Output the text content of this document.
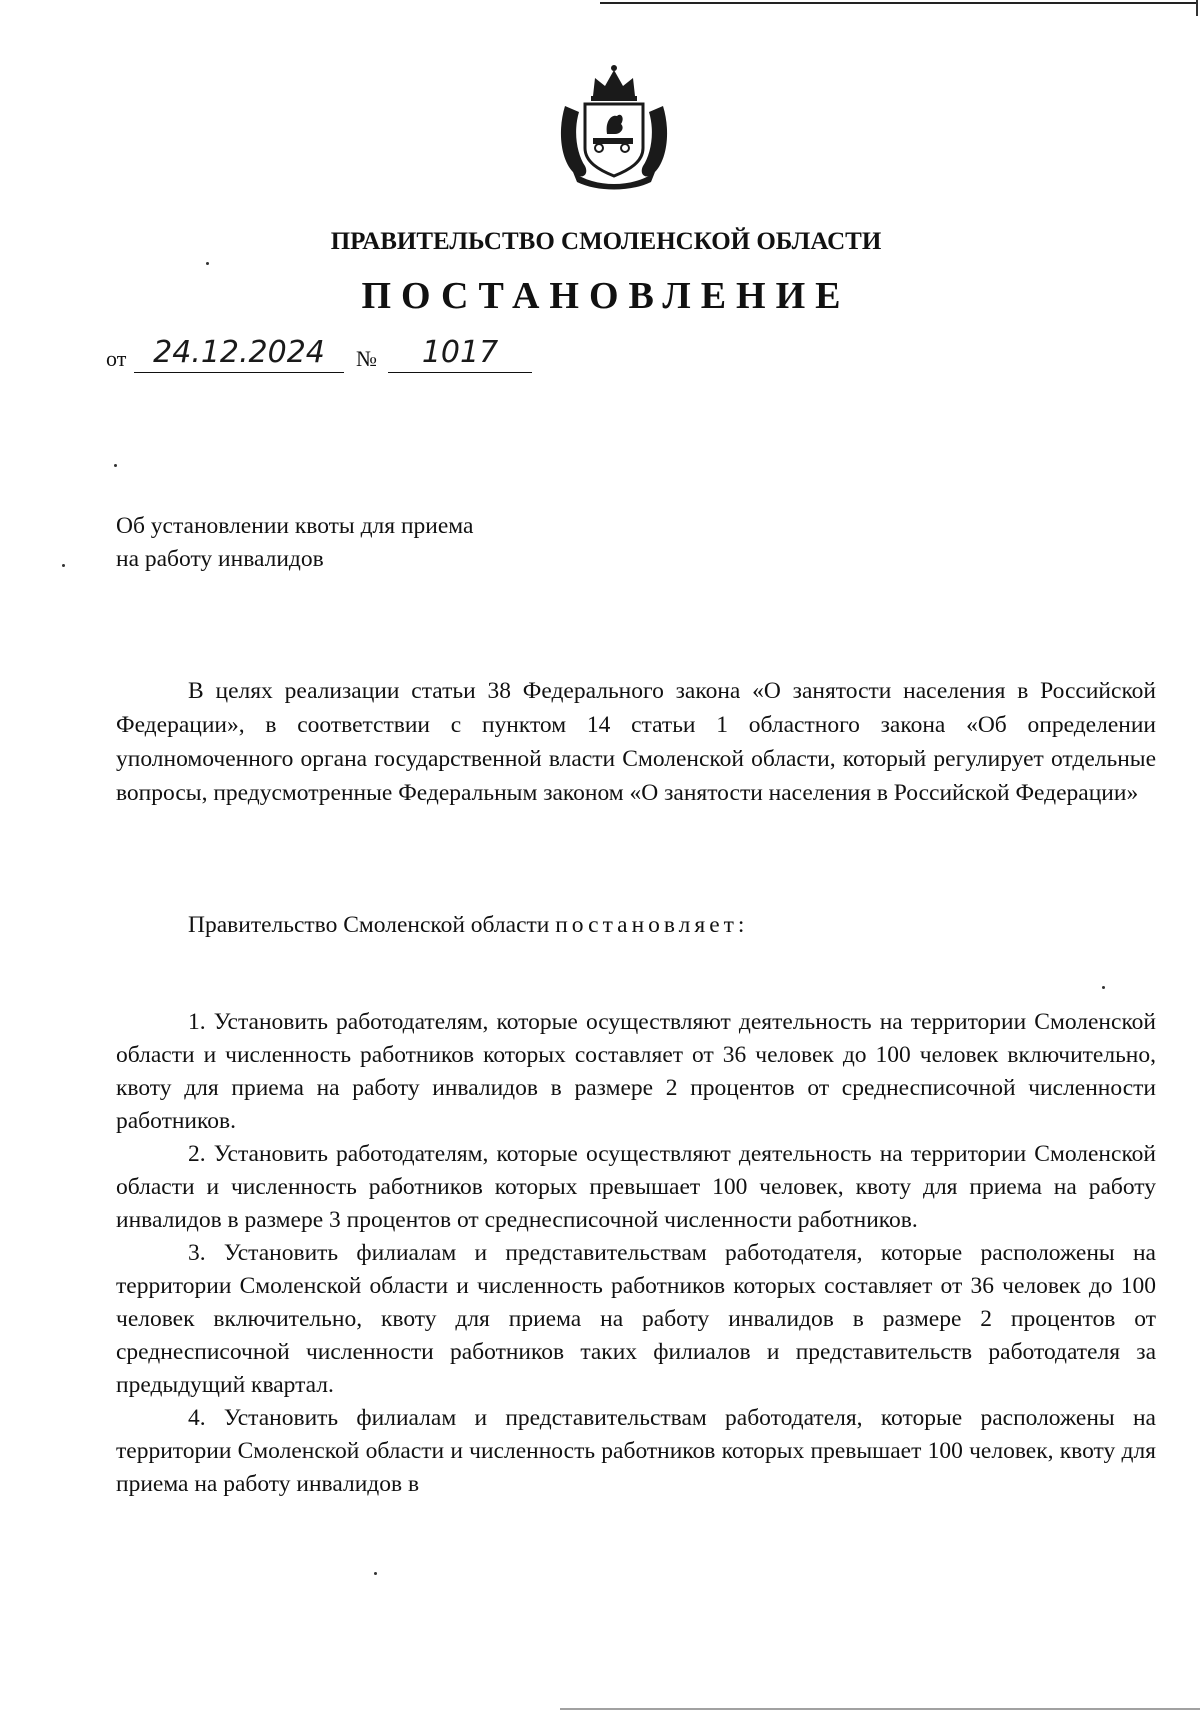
ПРАВИТЕЛЬСТВО СМОЛЕНСКОЙ ОБЛАСТИ
ПОСТАНОВЛЕНИЕ
от 24.12.2024	№	1017
Об установлении квоты для приема
на работу инвалидов
В целях реализации статьи 38 Федерального закона «О занятости населения в Российской Федерации», в соответствии с пунктом 14 статьи 1 областного закона «Об определении уполномоченного органа государственной власти Смоленской области, который регулирует отдельные вопросы, предусмотренные Федеральным законом «О занятости населения в Российской Федерации»
Правительство Смоленской области постановляет:

1. Установить работодателям, которые осуществляют деятельность на территории Смоленской области и численность работников которых составляет от 36 человек до 100 человек включительно, квоту для приема на работу инвалидов в размере 2 процентов от среднесписочной численности работников.

2. Установить работодателям, которые осуществляют деятельность на территории Смоленской области и численность работников которых превышает 100 человек, квоту для приема на работу инвалидов в размере 3 процентов от среднесписочной численности работников.

3. Установить филиалам и представительствам работодателя, которые расположены на территории Смоленской области и численность работников которых составляет от 36 человек до 100 человек включительно, квоту для приема на работу инвалидов в размере 2 процентов от среднесписочной численности работников таких филиалов и представительств работодателя за предыдущий квартал.

4. Установить филиалам и представительствам работодателя, которые расположены на территории Смоленской области и численность работников которых превышает 100 человек, квоту для приема на работу инвалидов в
